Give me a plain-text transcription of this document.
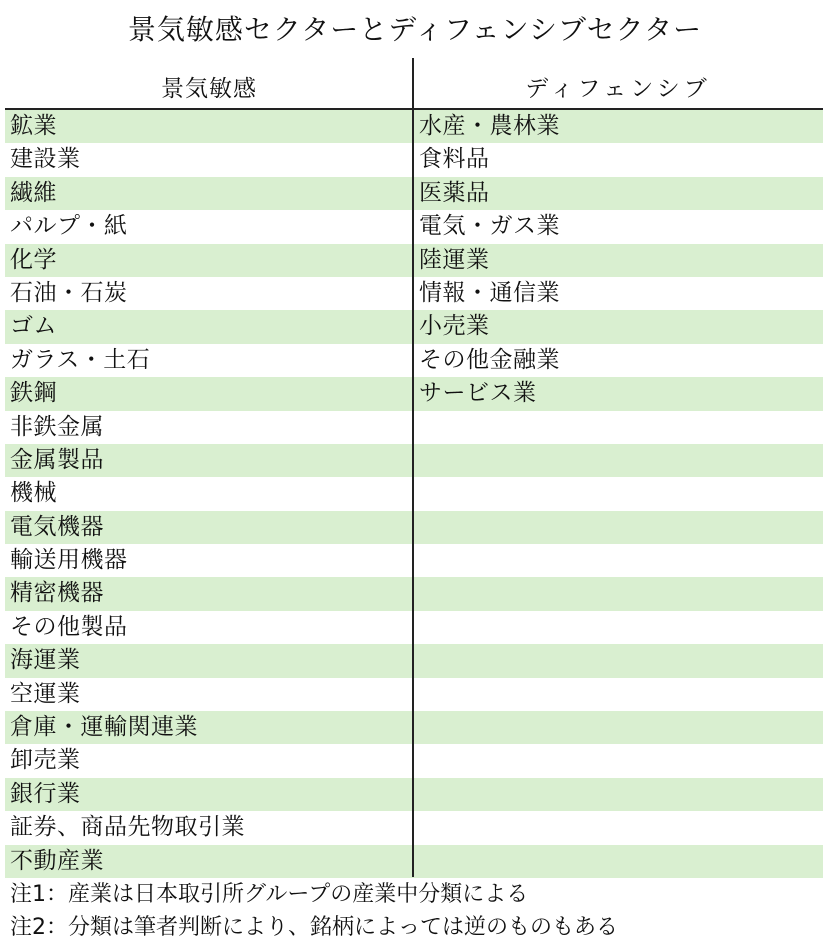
景気敏感セクターとディフェンシブセクター
景気敏感	ディフェンシブ
鉱業	水産・農林業
建設業	食料品
繊維	医薬品
パルプ・紙	電気・ガス業
化学	陸運業
石油・石炭	情報・通信業
ゴム	小売業
ガラス・土石	その他金融業
鉄鋼	サービス業
非鉄金属
金属製品
機械
電気機器
輸送用機器
精密機器
その他製品
海運業
空運業
倉庫・運輸関連業
卸売業
銀行業
証券、商品先物取引業
不動産業
注1：産業は日本取引所グループの産業中分類による
注2：分類は筆者判断により、銘柄によっては逆のものもある
